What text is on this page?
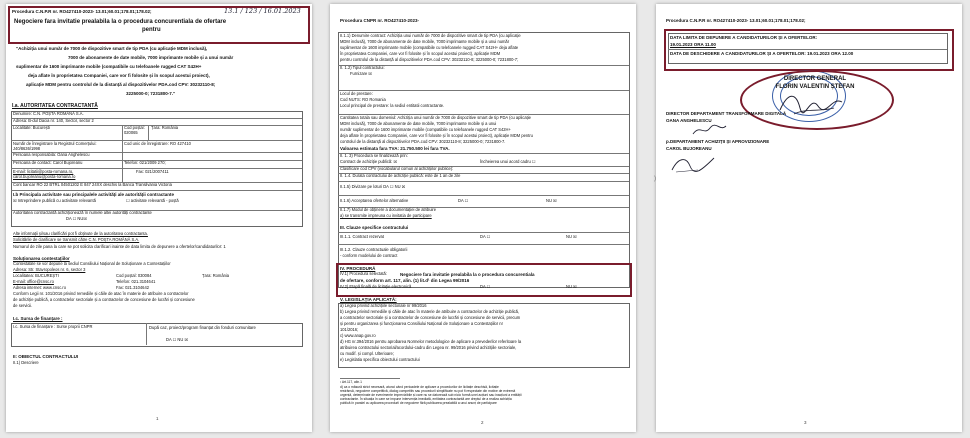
Procedura C.N.P.R nr. RO427410-2023- 13.01;60.01;178.01;178.02;	13.1 / 123 / 16.01.2023
Negociere fara invitatie prealabila la o procedura concurentiala de ofertare
pentru
"Achiziția unui număr de 7000 de dispozitive smart de tip PDA (cu aplicație MDM inclusă),
7000 de abonamente de date mobile, 7000 imprimante mobile și a unui număr
suplimentar de 1600 imprimante mobile (compatibile cu telefoanele rugged CAT S42H+
deja aflate în proprietatea Companiei, care vor fi folosite și în scopul acestui proiect),
aplicație MDM pentru controlul de la distanță al dispozitivelor PDA.cod CPV: 30232110-8;
3225000-0; 7231800-7."
I.a. AUTORITATEA CONTRACTANTĂ
Denumire: C.N. POȘTA ROMÂNĂ S.A.
Adresa: B-dul Dacia nr. 140, Sector, sector 2
Localitate: București	Cod poștal: 020065
Țara: România
Număr de înregistrare la Registrul Comerțului: J40/8636/1998
Cod unic de înregistrare: RO 427410
Persoana responsabila: Oana Anghelescu
Persoana de contact: Carol Bujoreanu	Telefon: 021/2009 270;
E-mail: licitatii@posta-romana.ro,
carol.bujoreanu@posta-romana.ro
Fax: 021/2007411
Cont bancar RO 22 BTRL 04501202 E 847 24XX deschis la Banca Transilvania Victoria
I.b Principala activitate sau principalele activități ale autorității contractante
☒ Intreprindere publică cu activitate relevantă	☐ activitate relevantă - poștă
Autoritatea contractantă achiziționează în numele altei autorități contractante
DA ☐ NU☒
Alte informații și/sau clarificări pot fi obținute de la autoritatea contractanta.
Solicitările de clarificare se transmit către C.N. POȘTA ROMÂNĂ S.A.
Numarul de zile pana la care se pot solicita clarificari inainte de data limita de depunere a ofertelor/candidaturilor: 1
Soluționarea contestațiilor
Contestatiile se vor depune la sediul Consiliului Național de Soluționare a Contestațiilor
Adresa: Str. Stavropoleos nr. 6, sector 3
Localitatea: BUCUREȘTI	Cod poștal: 030084	Țara: România
E-mail: office@cnsc.ro	Telefon: 021.3104641
Adresa internet: www.cnsc.ro	Fax: 021.3104642
Conform Legii nr. 101/2016 privind remediile și căile de atac în materie de atribuire a contractelor
de achiziție publică, a contractelor sectoriale și a contractelor de concesiune de lucrări și concesiune
de servicii.
I.c. Sursa de finanțare :
I.c. Sursa de finanțare : Surse proprii CNPR	După caz, proiect/program finanțat din fonduri comunitare
DA ☐ NU ☒
II: OBIECTUL CONTRACTULUI
II.1) Descriere
1
Procedura CNPR nr. RO427410-2023-
II.1.1) Denumire contract: Achiziția unui număr de 7000 de dispozitive smart de tip PDA (cu aplicație
MDM inclusă), 7000 de abonamente de date mobile, 7000 imprimante mobile și a unui număr
suplimentar de 1600 imprimante mobile (compatibile cu telefoanele rugged CAT S42H+ deja aflate
în proprietatea Companiei, care vor fi folosite și în scopul acestui proiect), aplicație MDM
pentru controlul de la distanță al dispozitivelor PDA.cod CPV: 30232110-8; 3225000-0; 7231800-7;
II. 1.2) Tipul contractului:
Furnizare ☒
Locul de prestare:
Cod NUTS: RO Romania
Locul principal de prestare: la sediul entitatii contractante.
Cantitatea totala sau domeniul: Achiziția unui număr de 7000 de dispozitive smart de tip PDA (cu aplicație
MDM inclusă), 7000 de abonamente de date mobile, 7000 imprimante mobile și a unui
număr suplimentar de 1600 imprimante mobile (compatibile cu telefoanele rugged CAT S42H+
deja aflate în proprietatea Companiei, care vor fi folosite și în scopul acestui proiect), aplicație MDM pentru
controlul de la distanță al dispozitivelor PDA.cod CPV: 30232110-8; 3225000-0; 7231800-7.
Valoarea estimata fara TVA: 21.750.500 lei fara TVA.
II. 1. 3) Procedura se finalizează prin:
Contract de achiziție publică: ☒	Încheierea unui acord cadru ☐
Clasificare cod CPV (vocabularul comun al achizițiilor publice):
II. 1.4. Durata contractului de achiziție publică: este de 1 an de zile
II.1.5) Divizare pe loturi DA ☐ NU ☒
II.1.6) Acceptarea ofertelor alternative	DA ☐	NU ☒
II.1.7) Modul de obținere a documentației de atribuire
a) se transmite impreuna cu invitatia de participare
III. Clauze specifice contractului
III.1.1. Contract rezervat	DA ☐	NU ☒
III.1.2. Clauze contractuale obligatorii
- conform modelului de contract
IV. PROCEDURĂ
IV.1) Procedura selectată:	Negociere fara invitatie prealabila la o procedura concurentiala
de ofertare, conform art. 117, alin. (1) lit.d¹ din Legea 99/2016
IV.2) Etapă finală de licitație electronică	DA ☐	NU ☒
V. LEGISLAȚIA APLICATĂ:
a) Legea privind achizițiile sectoriale nr 99/2016
b) Legea privind remediile și căile de atac în materie de atribuire a contractelor de achiziție publică,
a contractelor sectoriale și a contractelor de concesiune de lucrări și concesiune de servicii, precum
și pentru organizarea și funcționarea Consiliului Național de Soluționare a Contestațiilor nr
101/2016;
c) www.anap.gov.ro
d) HG nr.394/2016 pentru aprobarea Normelor metodologice de aplicare a prevederilor referitoare la
atribuirea contractului sectorial/acordului-cadru din Legea nr. 99/2016 privind achizițiile sectoriale,
cu modif. și compl. Ulterioare;
e) Legislatia specifica obiectului contractului
¹ Art.117, alin.1
d) ca o măsură strict necesară, atunci când perioadele de aplicare a procedurilor de licitație deschisă, licitație
restrânsă, negociere competitivă, dialog competitiv sau procedurii simplificate nu pot fi respectate din motive de extremă
urgență, determinate de evenimente imprevizibile și care nu se datorează sub nicio formă unei acțiuni sau inacțiuni a entității
contractante. În situația în care se impune intervenția imediată, entitatea contractantă are dreptul de a realiza achiziția
publică în paralel cu aplicarea procedurii de negociere fără publicarea prealabilă a unui anunț de participare
2
Procedura C.N.P.R nr. RO427410-2023- 13.01;60.01;178.01;178.02;
DATA LIMITA DE DEPUNERE A CANDIDATURILOR ȘI A OFERTELOR:
19.01.2023 ORA 11.00
DATA DE DESCHIDERE A CANDIDATURILOR ȘI A OFERTELOR: 19.01.2023 ORA 12.00
DIRECTOR GENERAL
FLORIN VALENTIN ȘTEFAN
DIRECTOR DEPARTAMENT TRANSFORMARE DIGITALĂ
OANA ANGHELESCU
p.DEPARTAMENT ACHIZIȚII ȘI APROVIZIONARE
CAROL BUJOREANU
)
3
